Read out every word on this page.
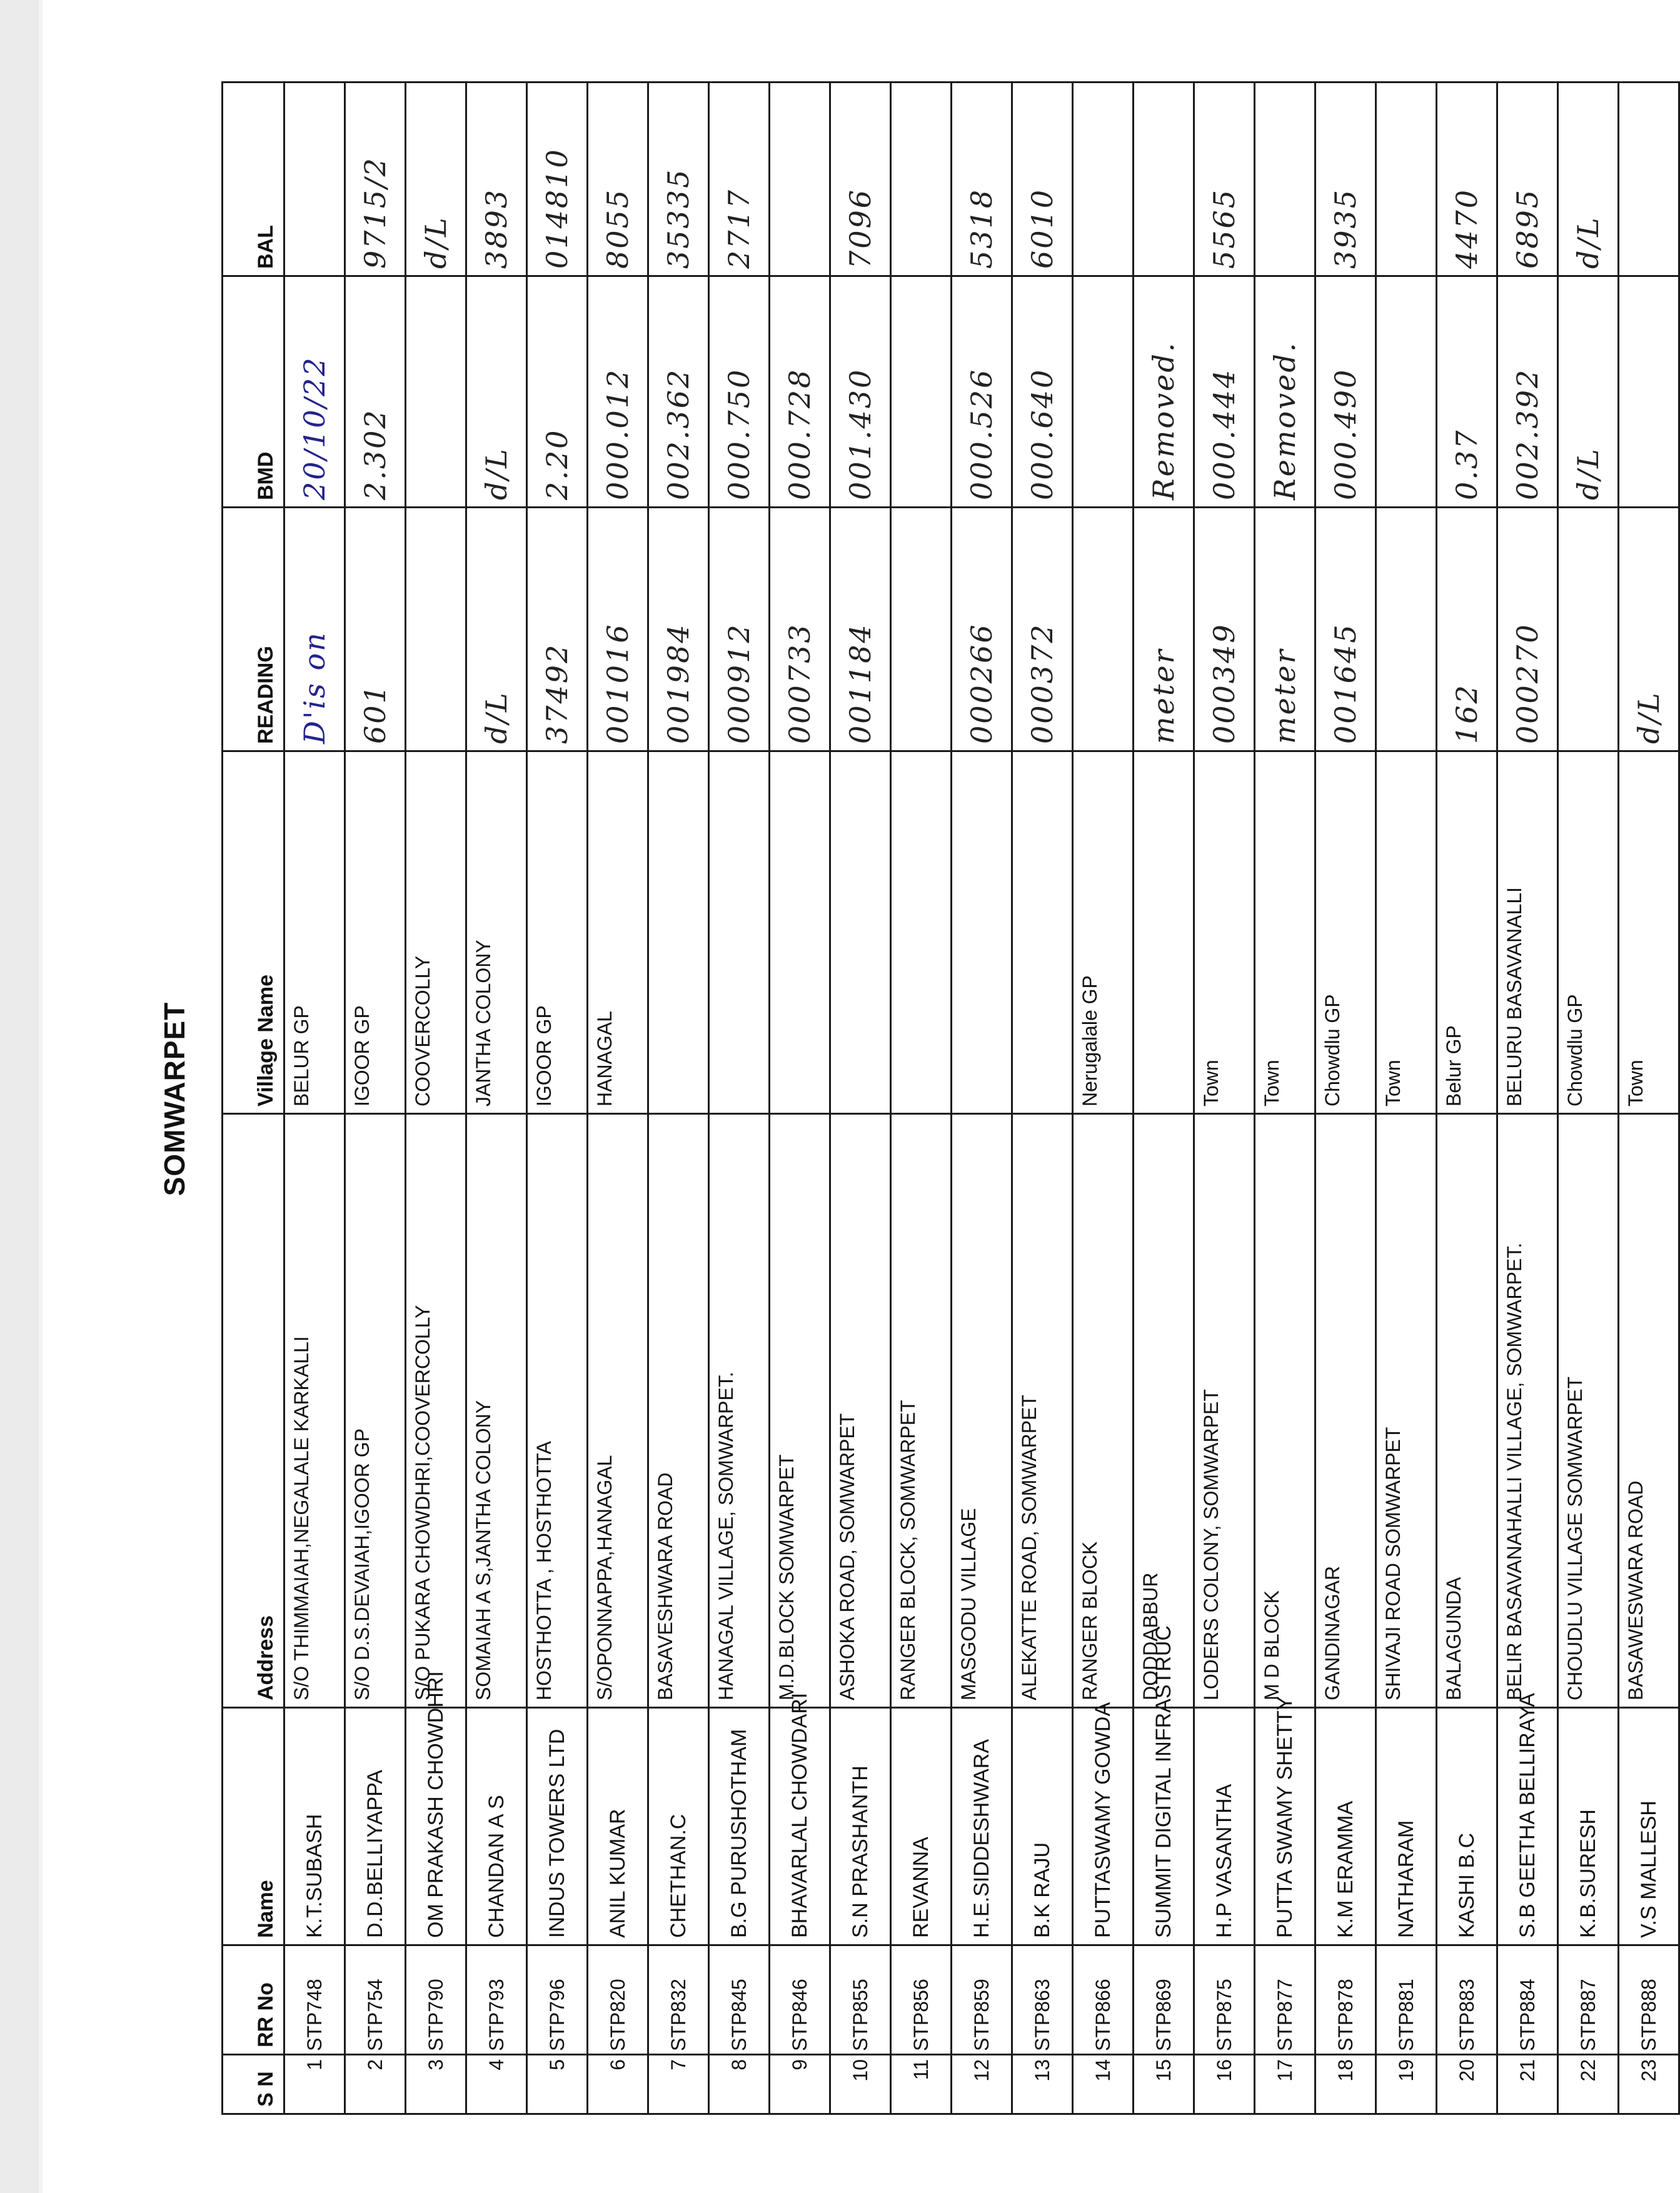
SOMWARPET
S N	RR No	Name	Address	Village Name	READING	BMD	BAL
1	STP748	K.T.SUBASH	S/O THIMMAIAH,NEGALALE KARKALLI	BELUR GP	D'is on	20/10/22	
2	STP754	D.D.BELLIYAPPA	S/O D.S.DEVAIAH,IGOOR GP	IGOOR GP	601	2.302	9715/2
3	STP790	OM PRAKASH CHOWDHRI	S/O PUKARA CHOWDHRI,COOVERCOLLY	COOVERCOLLY			d/L
4	STP793	CHANDAN A S	SOMAIAH A S,JANTHA COLONY	JANTHA COLONY	d/L	d/L	3893
5	STP796	INDUS TOWERS LTD	HOSTHOTTA , HOSTHOTTA	IGOOR GP	37492	2.20	014810
6	STP820	ANIL KUMAR	S/OPONNAPPA,HANAGAL	HANAGAL	001016	000.012	8055
7	STP832	CHETHAN.C	BASAVESHWARA ROAD		001984	002.362	35335
8	STP845	B.G PURUSHOTHAM	HANAGAL VILLAGE, SOMWARPET.		000912	000.750	2717
9	STP846	BHAVARLAL CHOWDARI	M.D.BLOCK SOMWARPET		000733	000.728	
10	STP855	S.N PRASHANTH	ASHOKA ROAD, SOMWARPET		001184	001.430	7096
11	STP856	REVANNA	RANGER BLOCK, SOMWARPET				
12	STP859	H.E.SIDDESHWARA	MASGODU VILLAGE		000266	000.526	5318
13	STP863	B.K RAJU	ALEKATTE ROAD, SOMWARPET		000372	000.640	6010
14	STP866	PUTTASWAMY GOWDA	RANGER BLOCK	Nerugalale GP			
15	STP869	SUMMIT DIGITAL INFRASTRUC	DODDABBUR		meter	Removed.	
16	STP875	H.P VASANTHA	LODERS COLONY, SOMWARPET	Town	000349	000.444	5565
17	STP877	PUTTA SWAMY SHETTY	M D BLOCK	Town	meter	Removed.	
18	STP878	K.M ERAMMA	GANDINAGAR	Chowdlu GP	001645	000.490	3935
19	STP881	NATHARAM	SHIVAJI ROAD SOMWARPET	Town			
20	STP883	KASHI B.C	BALAGUNDA	Belur GP	162	0.37	4470
21	STP884	S.B GEETHA BELLIRAYA	BELIR BASAVANAHALLI VILLAGE, SOMWARPET.	BELURU BASAVANALLI	000270	002.392	6895
22	STP887	K.B.SURESH	CHOUDLU VILLAGE SOMWARPET	Chowdlu GP		d/L	d/L
23	STP888	V.S MALLESH	BASAWESWARA ROAD	Town	d/L		
